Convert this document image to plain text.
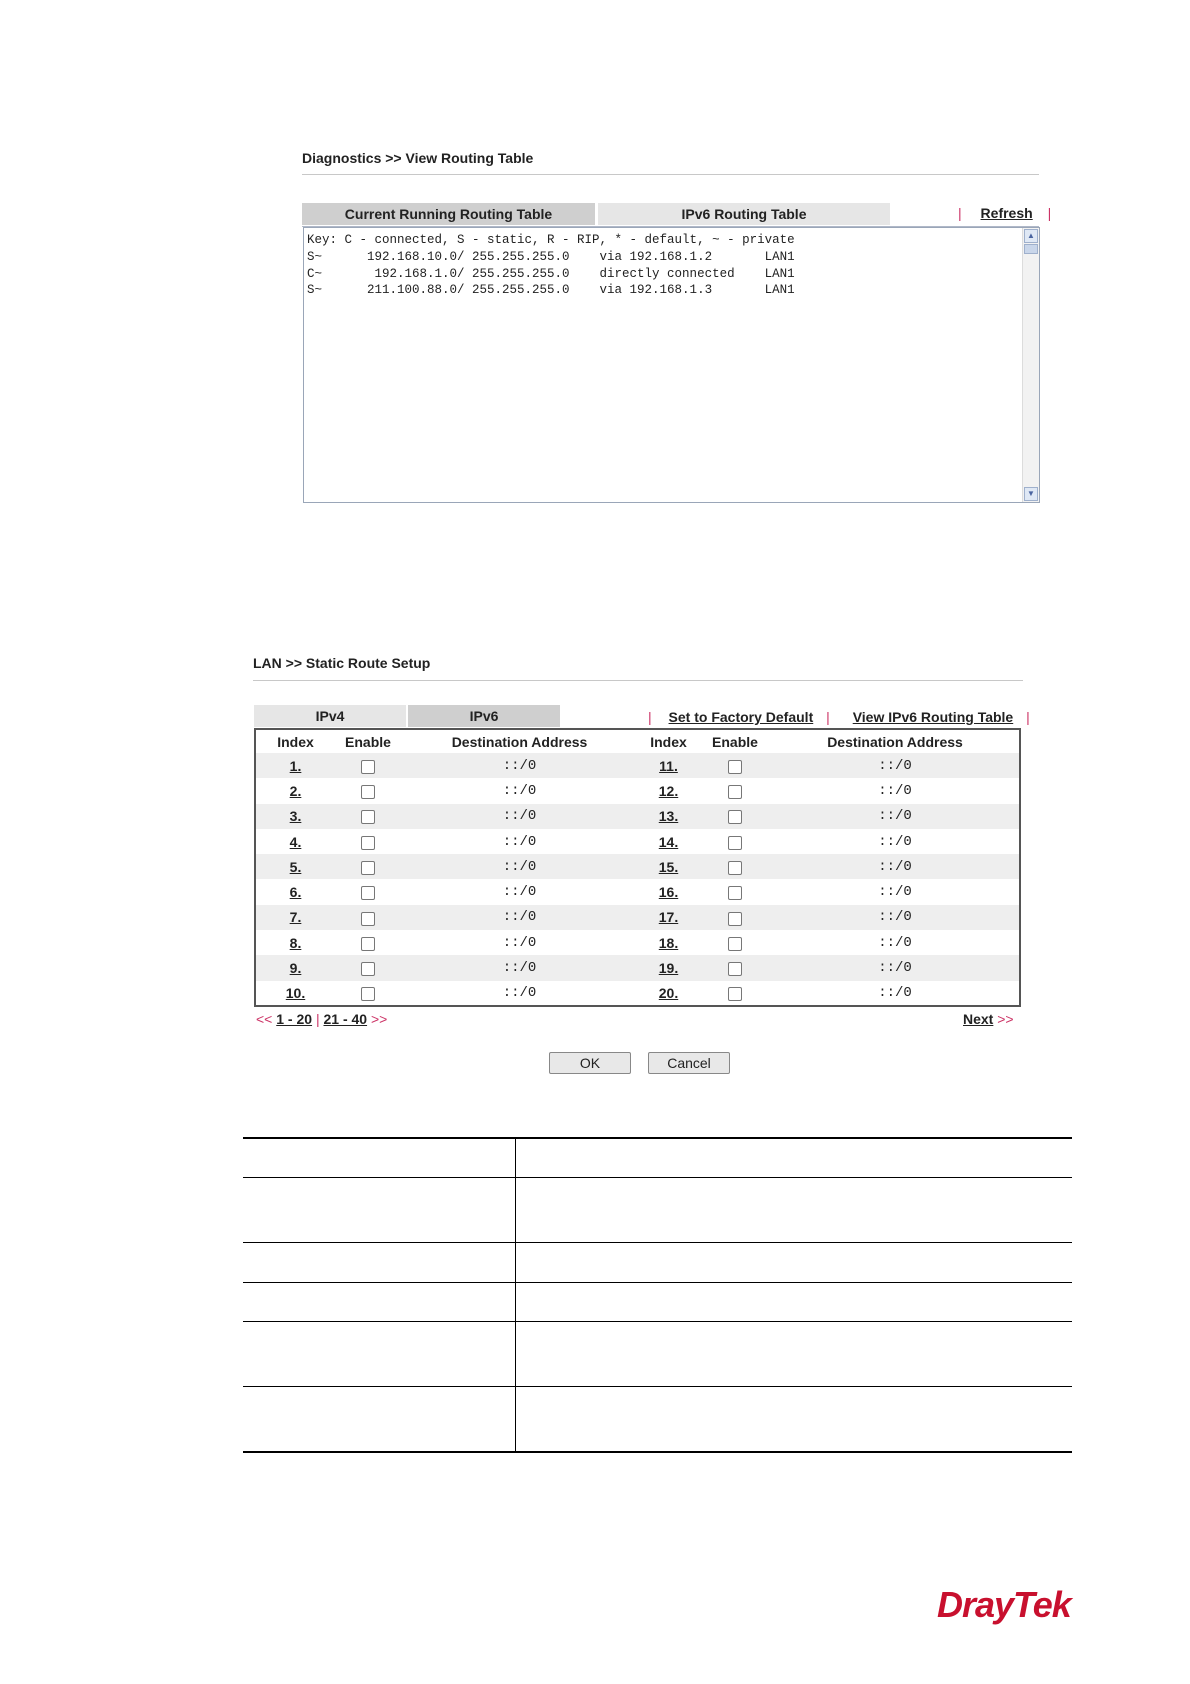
Diagnostics >> View Routing Table
Current Running Routing Table	IPv6 Routing Table	| Refresh |
Key: C - connected, S - static, R - RIP, * - default, ~ - private
S~      192.168.10.0/ 255.255.255.0    via 192.168.1.2       LAN1
C~       192.168.1.0/ 255.255.255.0    directly connected    LAN1
S~      211.100.88.0/ 255.255.255.0    via 192.168.1.3       LAN1
▲
▼
LAN >> Static Route Setup
IPv4	IPv6	| Set to Factory Default | View IPv6 Routing Table |
Index	Enable	Destination Address	Index	Enable	Destination Address
1.		::/0	11.		::/0
2.		::/0	12.		::/0
3.		::/0	13.		::/0
4.		::/0	14.		::/0
5.		::/0	15.		::/0
6.		::/0	16.		::/0
7.		::/0	17.		::/0
8.		::/0	18.		::/0
9.		::/0	19.		::/0
10.		::/0	20.		::/0
<< 1 - 20 | 21 - 40 >>	Next >>
OK	Cancel
DrayTek
